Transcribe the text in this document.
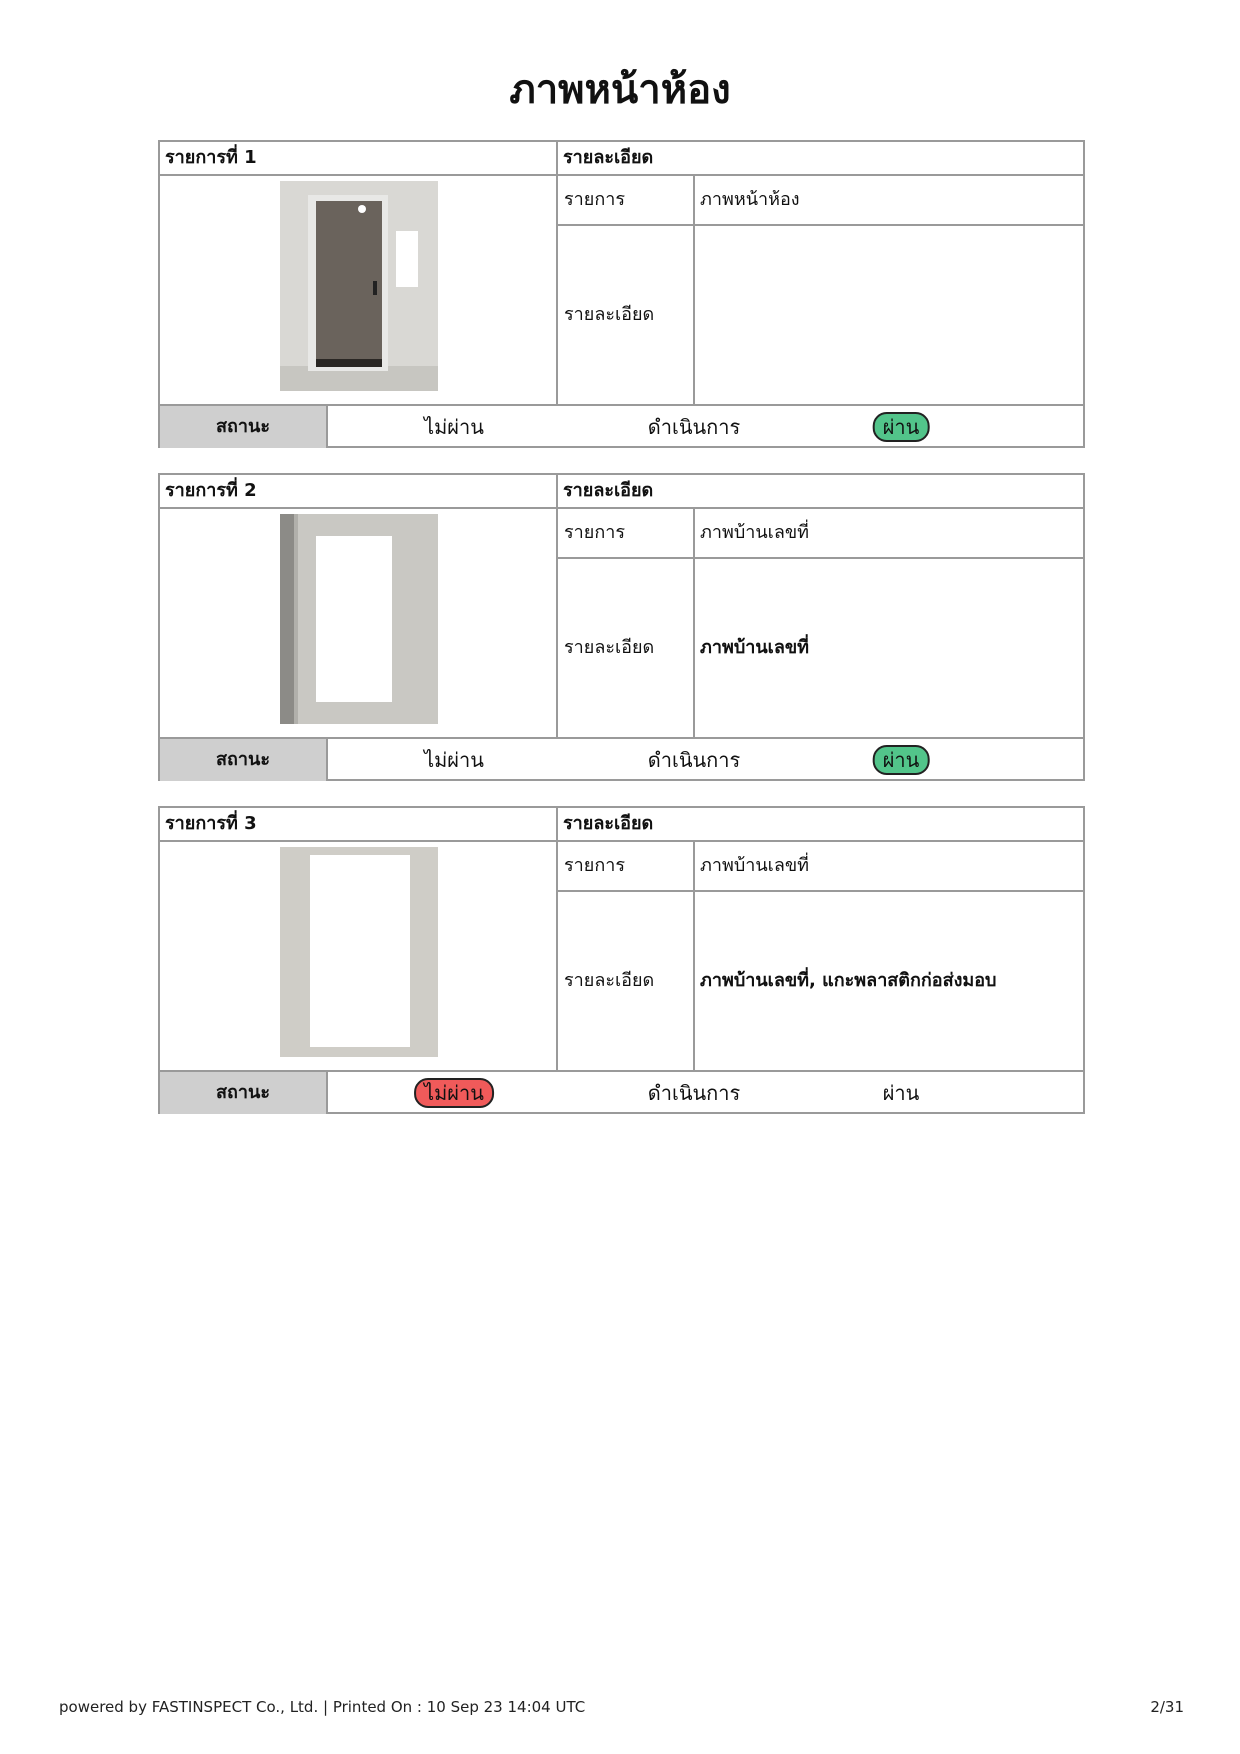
ภาพหน้าห้อง
รายการที่ 1	รายละเอียด
รายการ	ภาพหน้าห้อง
รายละเอียด
สถานะ	ไม่ผ่าน	ดำเนินการ	ผ่าน
รายการที่ 2	รายละเอียด
รายการ	ภาพบ้านเลขที่
รายละเอียด	ภาพบ้านเลขที่
สถานะ	ไม่ผ่าน	ดำเนินการ	ผ่าน
รายการที่ 3	รายละเอียด
รายการ	ภาพบ้านเลขที่
รายละเอียด	ภาพบ้านเลขที่, แกะพลาสติกก่อส่งมอบ
สถานะ	ไม่ผ่าน	ดำเนินการ	ผ่าน
powered by FASTINSPECT Co., Ltd. | Printed On : 10 Sep 23 14:04 UTC	2/31
